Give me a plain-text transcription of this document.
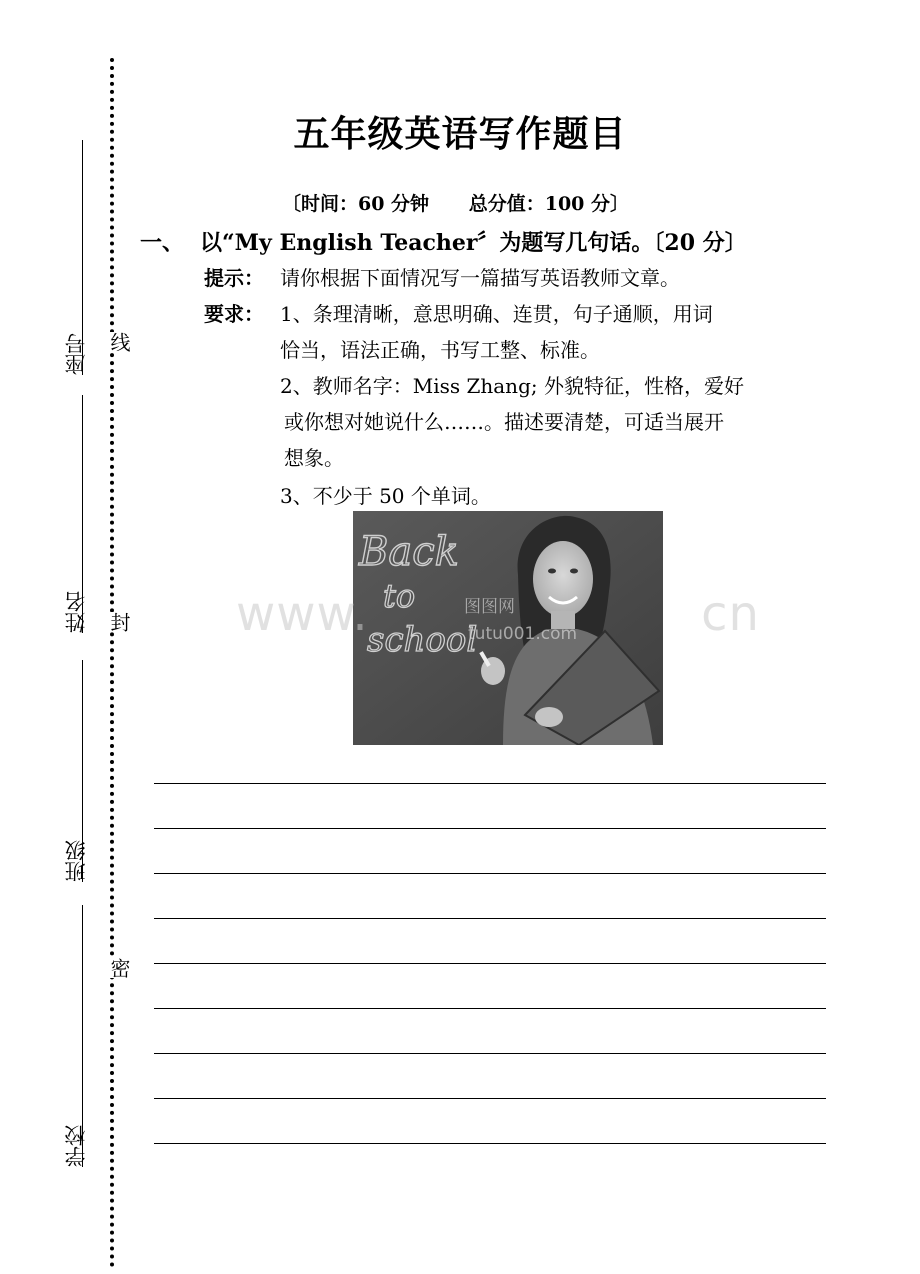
线
封
密
座号
姓名
班级
学校
五年级英语写作题目
〔时间：60 分钟      总分值：100 分〕
一、 以“My English Teacher〞为题写几句话。〔20 分〕
提示： 请你根据下面情况写一篇描写英语教师文章。
要求： 1、条理清晰，意思明确、连贯，句子通顺，用词
恰当，语法正确，书写工整、标准。
2、教师名字：Miss Zhang; 外貌特征，性格，爱好
或你想对她说什么……。描述要清楚，可适当展开
想象。
3、不少于 50 个单词。
Back
to
school
www.	cn
图图网
tutu001.com
